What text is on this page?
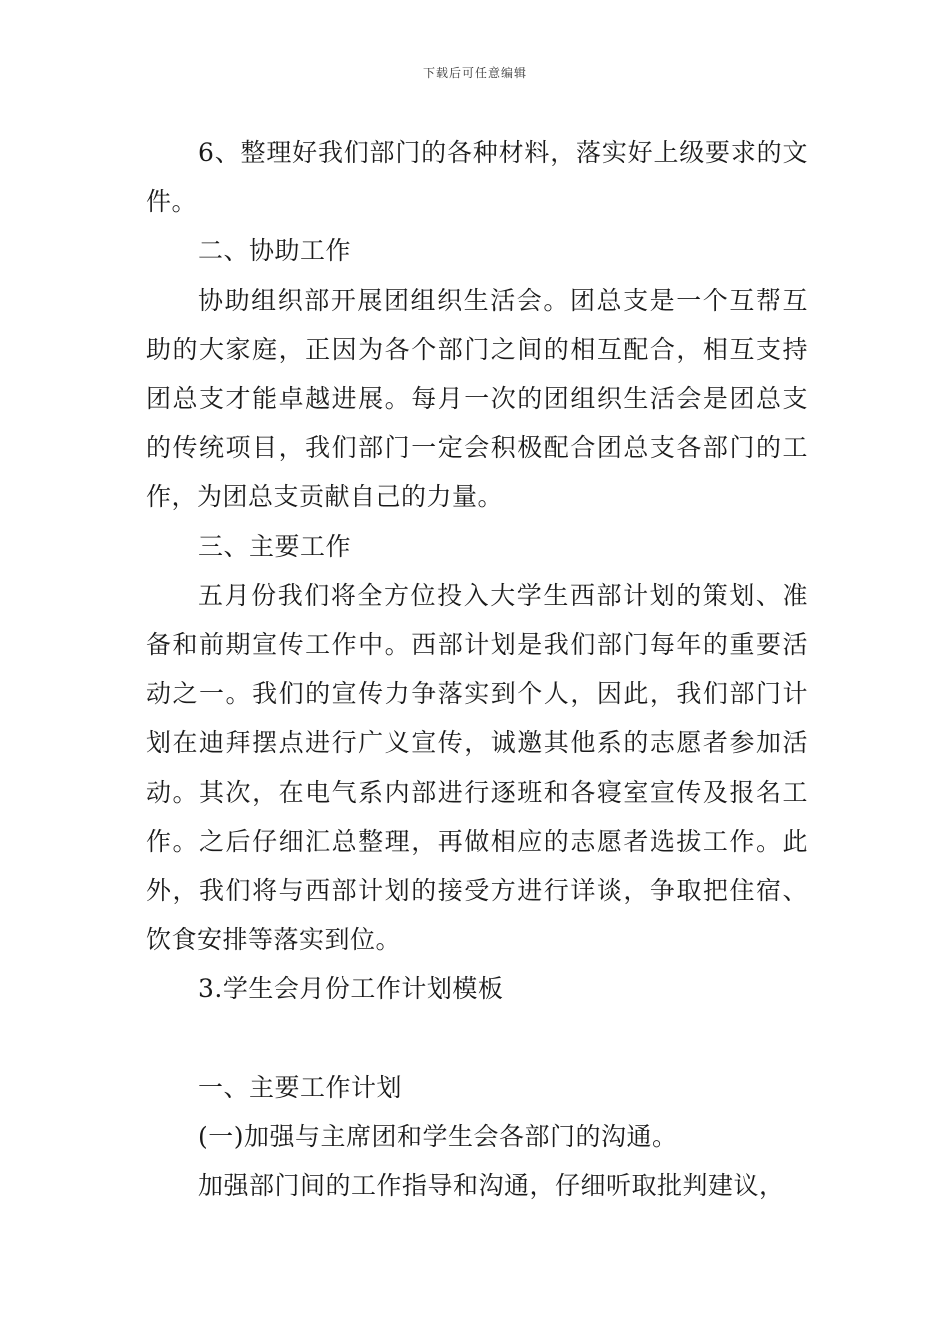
下载后可任意编辑

6、整理好我们部门的各种材料，落实好上级要求的文件。

二、协助工作

协助组织部开展团组织生活会。团总支是一个互帮互助的大家庭，正因为各个部门之间的相互配合，相互支持团总支才能卓越进展。每月一次的团组织生活会是团总支的传统项目，我们部门一定会积极配合团总支各部门的工作，为团总支贡献自己的力量。

三、主要工作

五月份我们将全方位投入大学生西部计划的策划、准备和前期宣传工作中。西部计划是我们部门每年的重要活动之一。我们的宣传力争落实到个人，因此，我们部门计划在迪拜摆点进行广义宣传，诚邀其他系的志愿者参加活动。其次，在电气系内部进行逐班和各寝室宣传及报名工作。之后仔细汇总整理，再做相应的志愿者选拔工作。此外，我们将与西部计划的接受方进行详谈，争取把住宿、饮食安排等落实到位。

3.学生会月份工作计划模板

一、主要工作计划

(一)加强与主席团和学生会各部门的沟通。

加强部门间的工作指导和沟通，仔细听取批判建议，
